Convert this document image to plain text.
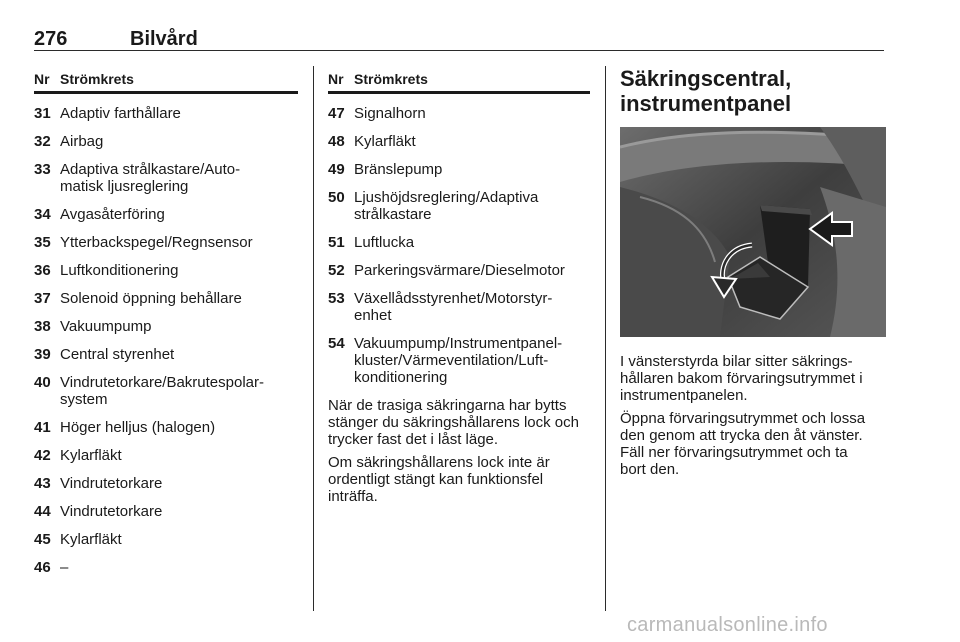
276	Bilvård
Nr Strömkrets
31 Adaptiv farthållare
32 Airbag
33 Adaptiva strålkastare/Auto-
matisk ljusreglering
34 Avgasåterföring
35 Ytterbackspegel/Regnsensor
36 Luftkonditionering
37 Solenoid öppning behållare
38 Vakuumpump
39 Central styrenhet
40 Vindrutetorkare/Bakrutespolar-
system
41 Höger helljus (halogen)
42 Kylarfläkt
43 Vindrutetorkare
44 Vindrutetorkare
45 Kylarfläkt
46 –
Nr Strömkrets
47 Signalhorn
48 Kylarfläkt
49 Bränslepump
50 Ljushöjdsreglering/Adaptiva
strålkastare
51 Luftlucka
52 Parkeringsvärmare/Dieselmotor
53 Växellådsstyrenhet/Motorstyr-
enhet
54 Vakuumpump/Instrumentpanel-
kluster/Värmeventilation/Luft-
konditionering
När de trasiga säkringarna har bytts
stänger du säkringshållarens lock och
trycker fast det i låst läge.
Om säkringshållarens lock inte är
ordentligt stängt kan funktionsfel
inträffa.
Säkringscentral,
instrumentpanel
I vänsterstyrda bilar sitter säkrings-
hållaren bakom förvaringsutrymmet i
instrumentpanelen.
Öppna förvaringsutrymmet och lossa
den genom att trycka den åt vänster.
Fäll ner förvaringsutrymmet och ta
bort den.
carmanualsonline.info
